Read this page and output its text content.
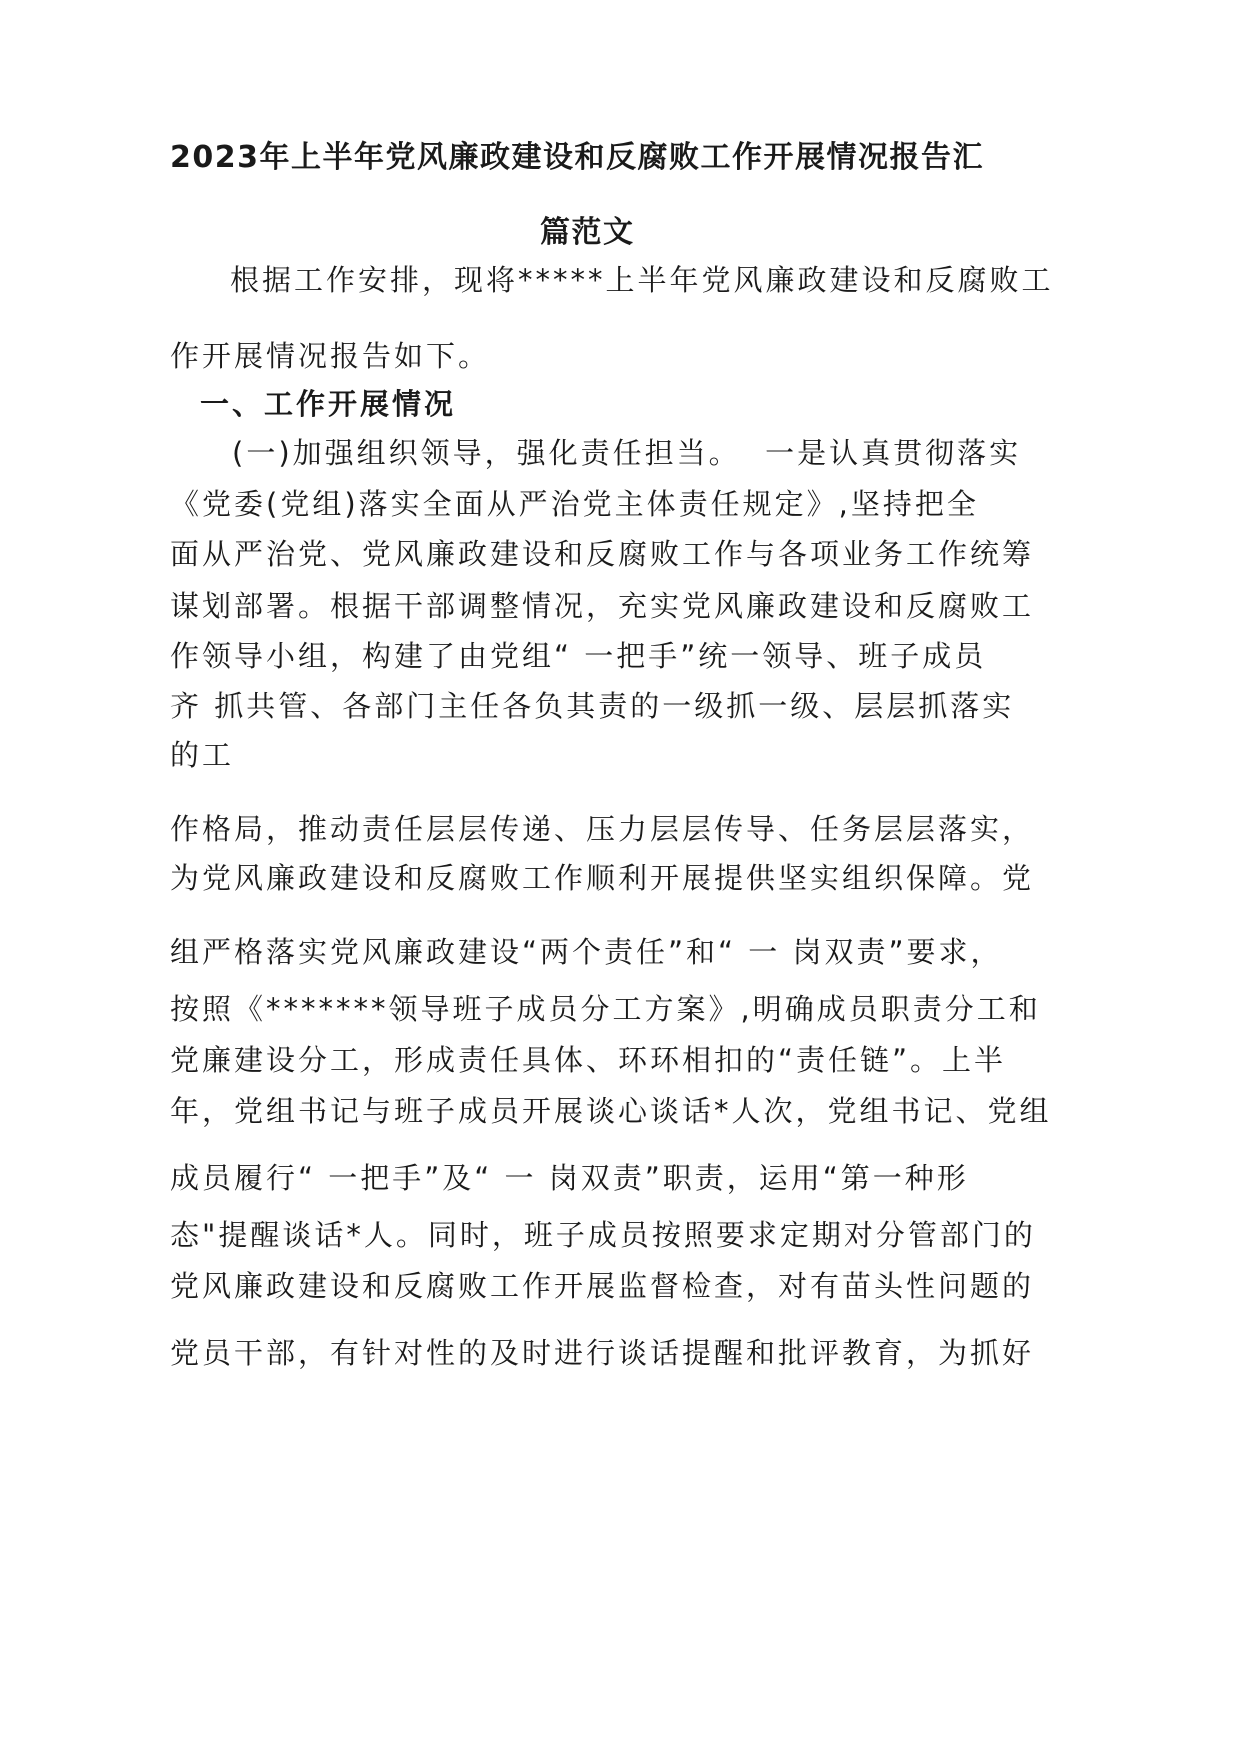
2023年上半年党风廉政建设和反腐败工作开展情况报告汇
篇范文
根据工作安排，现将*****上半年党风廉政建设和反腐败工
作开展情况报告如下。
一、工作开展情况
(一)加强组织领导，强化责任担当。  一是认真贯彻落实
《党委(党组)落实全面从严治党主体责任规定》,坚持把全
面从严治党、党风廉政建设和反腐败工作与各项业务工作统筹
谋划部署。根据干部调整情况，充实党风廉政建设和反腐败工
作领导小组，构建了由党组“ 一把手”统一领导、班子成员
齐 抓共管、各部门主任各负其责的一级抓一级、层层抓落实
的工
作格局，推动责任层层传递、压力层层传导、任务层层落实，
为党风廉政建设和反腐败工作顺利开展提供坚实组织保障。党
组严格落实党风廉政建设“两个责任”和“ 一 岗双责”要求，
按照《*******领导班子成员分工方案》,明确成员职责分工和
党廉建设分工，形成责任具体、环环相扣的“责任链”。上半
年，党组书记与班子成员开展谈心谈话*人次，党组书记、党组
成员履行“ 一把手”及“ 一 岗双责”职责，运用“第一种形
态"提醒谈话*人。同时，班子成员按照要求定期对分管部门的
党风廉政建设和反腐败工作开展监督检查，对有苗头性问题的
党员干部，有针对性的及时进行谈话提醒和批评教育，为抓好
